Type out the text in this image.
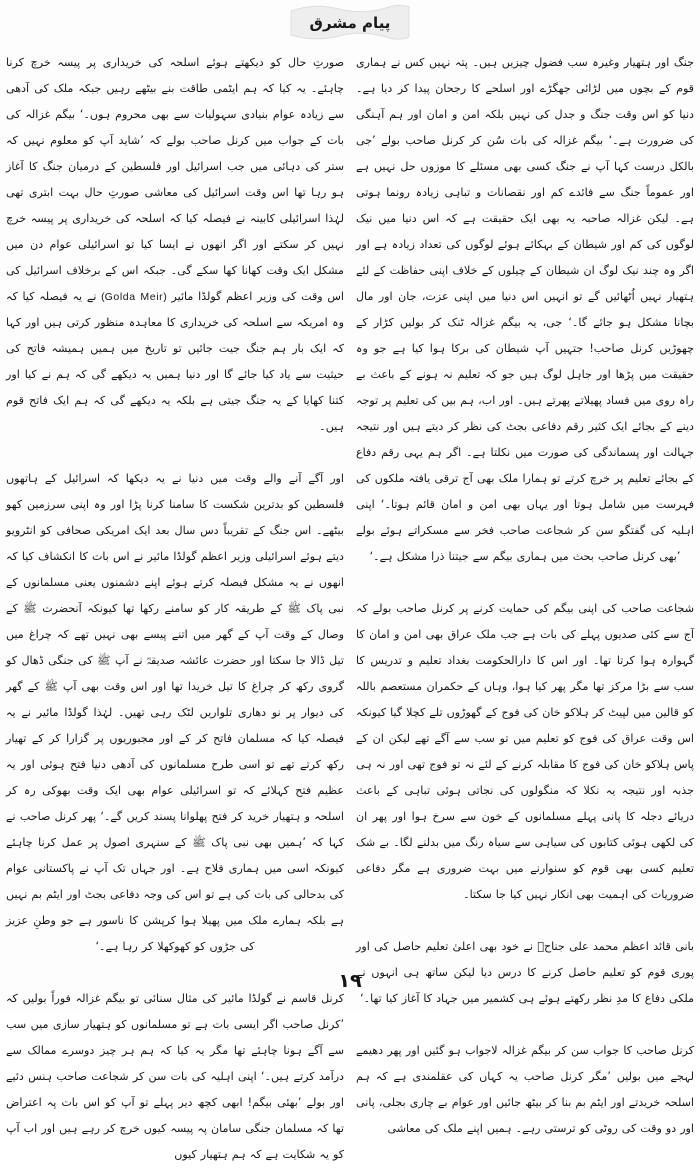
پیام مشرق

جنگ اور ہتھیار وغیرہ سب فضول چیزیں ہیں۔ پتہ نہیں کس نے ہماری قوم کے بچوں میں لڑائی جھگڑے اور اسلحے کا رجحان پیدا کر دیا ہے۔ دنیا کو اس وقت جنگ و جدل کی نہیں بلکہ امن و امان اور ہم آہنگی کی ضرورت ہے۔‘ بیگم غزالہ کی بات سُن کر کرنل صاحب بولے ’جی بالکل درست کہا آپ نے جنگ کسی بھی مسئلے کا موزوں حل نہیں ہے اور عموماً جنگ سے فائدے کم اور نقصانات و تباہی زیادہ رونما ہوتی ہے۔ لیکن غزالہ صاحبہ یہ بھی ایک حقیقت ہے کہ اس دنیا میں نیک لوگوں کی کم اور شیطان کے بہکائے ہوئے لوگوں کی تعداد زیادہ ہے اور اگر وہ چند نیک لوگ ان شیطان کے چیلوں کے خلاف اپنی حفاظت کے لئے ہتھیار نہیں اُٹھائیں گے تو انہیں اس دنیا میں اپنی عزت، جان اور مال بچانا مشکل ہو جائے گا۔‘ جی، یہ بیگم غزالہ ٹنک کر بولیں کڑار کے چھوڑیں کرنل صاحب! جتہیں آپ شیطان کی برکا ہوا کیا ہے جو وہ حقیقت میں پڑھا اور جاہل لوگ ہیں جو کہ تعلیم نہ ہونے کے باعث بے راہ روی میں فساد پھیلاتے پھرتے ہیں۔ اور اب، ہم بیں کی تعلیم پر توجہ دینے کے بجائے ایک کثیر رقم دفاعی بجٹ کی نظر کر دیتے ہیں اور نتیجہ جہالت اور پسماندگی کی صورت میں نکلتا ہے۔ اگر ہم یہی رقم دفاع کے بجائے تعلیم پر خرچ کرتے تو ہمارا ملک بھی آج ترقی یافتہ ملکوں کی فہرست میں شامل ہوتا اور یہاں بھی امن و امان قائم ہوتا۔‘ اپنی اہلیہ کی گفتگو سن کر شجاعت صاحب فخر سے مسکراتے ہوئے بولے ’بھی کرنل صاحب بحث میں ہماری بیگم سے جیتنا ذرا مشکل ہے۔‘

شجاعت صاحب کی اپنی بیگم کی حمایت کرنے پر کرنل صاحب بولے کہ آج سے کئی صدیوں پہلے کی بات ہے جب ملک عراق بھی امن و امان کا گہوارہ ہوا کرتا تھا۔ اور اس کا دارالحکومت بغداد تعلیم و تدریس کا سب سے بڑا مرکز تھا مگر پھر کیا ہوا، وہاں کے حکمران مستعصم باللہ کو قالین میں لپیٹ کر ہلاکو خان کی فوج کے گھوڑوں تلے کچلا گیا کیونکہ اس وقت عراق کی فوج کو تعلیم میں تو سب سے آگے تھے لیکن ان کے پاس ہلاکو خان کی فوج کا مقابلہ کرنے کے لئے نہ تو فوج تھی اور نہ ہی جذبہ اور نتیجہ یہ نکلا کہ منگولوں کی نجاتی ہوئی تباہی کے باعث دریائے دجلہ کا پانی پہلے مسلمانوں کے خون سے سرخ ہوا اور پھر ان کی لکھی ہوئی کتابوں کی سیاہی سے سیاہ رنگ میں بدلنے لگا۔ بے شک تعلیم کسی بھی قوم کو سنوارنے میں بہت ضروری ہے مگر دفاعی ضروریات کی اہمیت بھی انکار نہیں کیا جا سکتا۔

بانی قائد اعظم محمد علی جناحؒ نے خود بھی اعلیٰ تعلیم حاصل کی اور پوری قوم کو تعلیم حاصل کرنے کا درس دیا لیکن ساتھ ہی انہوں نے ملکی دفاع کا مدِ نظر رکھتے ہوئے ہی کشمیر میں جہاد کا آغاز کیا تھا۔‘

کرنل صاحب کا جواب سن کر بیگم غزالہ لاجواب ہو گئیں اور پھر دھیمے لہجے میں بولیں ’مگر کرنل صاحب یہ کہاں کی عقلمندی ہے کہ ہم اسلحہ خریدتے اور ایٹم بم بنا کر بیٹھ جائیں اور عوام بے چاری بجلی، پانی اور دو وقت کی روٹی کو ترستی رہے۔ ہمیں اپنے ملک کی معاشی

صورتِ حال کو دیکھتے ہوئے اسلحہ کی خریداری پر پیسہ خرچ کرنا چاہئے۔ یہ کیا کہ ہم ایٹمی طاقت بنے بیٹھے رہیں جبکہ ملک کی آدھی سے زیادہ عوام بنیادی سہولیات سے بھی محروم ہوں۔‘ بیگم غزالہ کی بات کے جواب میں کرنل صاحب بولے کہ ’شاید آپ کو معلوم نہیں کہ ستر کی دہائی میں جب اسرائیل اور فلسطین کے درمیان جنگ کا آغاز ہو رہا تھا اس وقت اسرائیل کی معاشی صورتِ حال بہت ابتری تھی لہٰذا اسرائیلی کابینہ نے فیصلہ کیا کہ اسلحہ کی خریداری پر پیسہ خرچ نہیں کر سکتے اور اگر انھوں نے ایسا کیا تو اسرائیلی عوام دن میں مشکل ایک وقت کھانا کھا سکے گی۔ جبکہ اس کے برخلاف اسرائیل کی اس وقت کی وزیر اعظم گولڈا مائیر (Golda Meir) نے یہ فیصلہ کیا کہ وہ امریکہ سے اسلحہ کی خریداری کا معاہدہ منظور کرتی ہیں اور کہا کہ ایک بار ہم جنگ جیت جائیں تو تاریخ میں ہمیں ہمیشہ فاتح کی حیثیت سے یاد کیا جائے گا اور دنیا ہمیں یہ دیکھے گی کہ ہم نے کیا اور کتنا کھایا کے یہ جنگ جیتی ہے بلکہ یہ دیکھے گی کہ ہم ایک فاتح قوم ہیں۔

اور آگے آنے والے وقت میں دنیا نے یہ دیکھا کہ اسرائیل کے ہاتھوں فلسطین کو بدترین شکست کا سامنا کرنا پڑا اور وہ اپنی سرزمین کھو بیٹھے۔ اس جنگ کے تقریباً دس سال بعد ایک امریکی صحافی کو انٹرویو دیتے ہوئے اسرائیلی وزیر اعظم گولڈا مائیر نے اس بات کا انکشاف کیا کہ انھوں نے یہ مشکل فیصلہ کرتے ہوئے اپنے دشمنوں یعنی مسلمانوں کے نبی پاک ﷺ کے طریقہ کار کو سامنے رکھا تھا کیونکہ آنحضرت ﷺ کے وصال کے وقت آپ کے گھر میں اتنے پیسے بھی نہیں تھے کہ چراغ میں تیل ڈالا جا سکتا اور حضرت عائشہ صدیقہؓ نے آپ ﷺ کی جنگی ڈھال کو گروی رکھ کر چراغ کا تیل خریدا تھا اور اس وقت بھی آپ ﷺ کے گھر کی دیوار پر نو دھاری تلواریں لٹک رہی تھیں۔ لہٰذا گولڈا مائیر نے یہ فیصلہ کیا کہ مسلمان فاتح کر کے اور مجبوریوں پر گزارا کر کے تھیار رکھ کرتے تھے تو اسی طرح مسلمانوں کی آدھی دنیا فتح ہوئی اور یہ عظیم فتح کہلائے کہ تو اسرائیلی عوام بھی ایک وقت بھوکی رہ کر اسلحہ و ہتھیار خرید کر فتح پھلوانا پسند کریں گے۔‘ پھر کرنل صاحب نے کہا کہ ’ہمیں بھی نبی پاک ﷺ کے سنہری اصول پر عمل کرنا چاہئے کیونکہ اسی میں ہماری فلاح ہے۔ اور جہاں تک آپ نے پاکستانی عوام کی بدحالی کی بات کی ہے تو اس کی وجہ دفاعی بجٹ اور ایٹم بم نہیں ہے بلکہ ہمارے ملک میں پھیلا ہوا کرپشن کا ناسور ہے جو وطنِ عزیز کی جڑوں کو کھوکھلا کر رہا ہے۔‘

کرنل قاسم نے گولڈا مائیر کی مثال سنائی تو بیگم غزالہ فوراً بولیں کہ ’کرنل صاحب اگر ایسی بات ہے تو مسلمانوں کو ہتھیار سازی میں سب سے آگے ہونا چاہئے تھا مگر یہ کیا کہ ہم ہر چیز دوسرے ممالک سے درآمد کرتے ہیں۔‘ اپنی اہلیہ کی بات سن کر شجاعت صاحب ہنس دئیے اور بولے ’بھئی بیگم! ابھی کچھ دیر پہلے تو آپ کو اس بات پہ اعتراض تھا کہ مسلمان جنگی سامان پہ پیسہ کیوں خرچ کر رہے ہیں اور اب آپ کو یہ شکایت ہے کہ ہم ہتھیار کیوں

۱۹
